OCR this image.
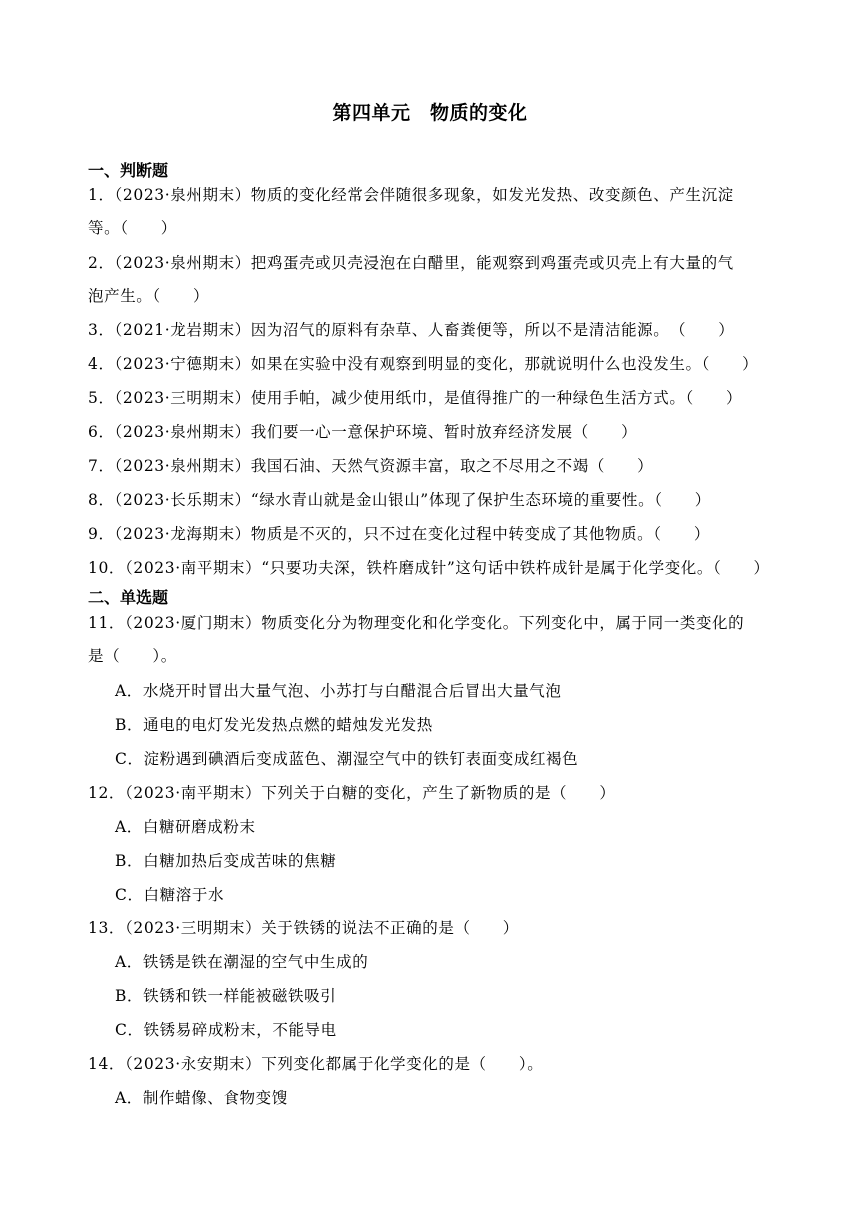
第四单元　物质的变化
一、判断题
1．（2023·泉州期末）物质的变化经常会伴随很多现象，如发光发热、改变颜色、产生沉淀
等。（　　）
2．（2023·泉州期末）把鸡蛋壳或贝壳浸泡在白醋里，能观察到鸡蛋壳或贝壳上有大量的气
泡产生。（　　）
3．（2021·龙岩期末）因为沼气的原料有杂草、人畜粪便等，所以不是清洁能源。　（　　）
4．（2023·宁德期末）如果在实验中没有观察到明显的变化，那就说明什么也没发生。（　　）
5．（2023·三明期末）使用手帕，减少使用纸巾，是值得推广的一种绿色生活方式。（　　）
6．（2023·泉州期末）我们要一心一意保护环境、暂时放弃经济发展（　　）
7．（2023·泉州期末）我国石油、天然气资源丰富，取之不尽用之不竭（　　）
8．（2023·长乐期末）“绿水青山就是金山银山”体现了保护生态环境的重要性。（　　）
9．（2023·龙海期末）物质是不灭的，只不过在变化过程中转变成了其他物质。（　　）
10．（2023·南平期末）“只要功夫深，铁杵磨成针”这句话中铁杵成针是属于化学变化。（　　）
二、单选题
11．（2023·厦门期末）物质变化分为物理变化和化学变化。下列变化中，属于同一类变化的
是（　　）。
A．水烧开时冒出大量气泡、小苏打与白醋混合后冒出大量气泡
B．通电的电灯发光发热点燃的蜡烛发光发热
C．淀粉遇到碘酒后变成蓝色、潮湿空气中的铁钉表面变成红褐色
12．（2023·南平期末）下列关于白糖的变化，产生了新物质的是（　　）
A．白糖研磨成粉末
B．白糖加热后变成苦味的焦糖
C．白糖溶于水
13．（2023·三明期末）关于铁锈的说法不正确的是（　　）
A．铁锈是铁在潮湿的空气中生成的
B．铁锈和铁一样能被磁铁吸引
C．铁锈易碎成粉末，不能导电
14．（2023·永安期末）下列变化都属于化学变化的是（　　）。
A．制作蜡像、食物变馊
